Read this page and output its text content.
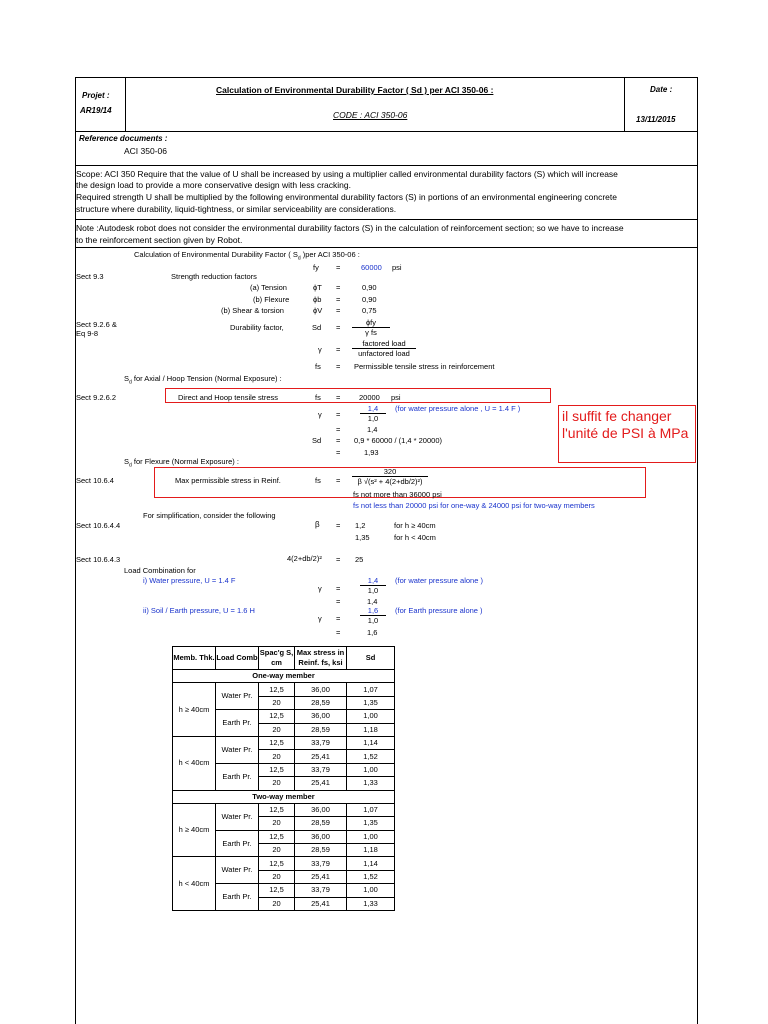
Projet :
AR19/14
Calculation of Environmental Durability Factor ( Sd ) per ACI 350-06 :
CODE : ACI 350-06
Date :
13/11/2015
Reference documents :
ACI 350-06
Scope: ACI 350 Require that the value of U shall be increased by using a multiplier called environmental durability factors (S) which will increase
the design load to provide a more conservative design with less cracking.
Required strength U shall be multiplied by the following environmental durability factors (S) in portions of an environmental engineering concrete
structure where durability, liquid-tightness, or similar serviceability are considerations.
Note :Autodesk robot does not consider the environmental durability factors (S) in the calculation of reinforcement section; so we have to increase
to the reinforcement section given by Robot.
Calculation of Environmental Durability Factor ( $S_d$ )per ACI 350-06 :
fy =	60000 psi
Sect 9.3	Strength reduction factors
(a) Tension	ϕT =	0,90
(b) Flexure	ϕb =	0,90
(b) Shear & torsion	ϕV =	0,75
Sect 9.2.6 &
Eq 9-8
Durability factor,	Sd =
ϕfy
γ fs
γ =
factored load
unfactored load
fs = Permissible tensile stress in reinforcement
$S_d$ for Axial / Hoop Tension (Normal Exposure) :
Sect 9.2.6.2	Direct and Hoop tensile stress	fs = 20000 psi
γ =	$\frac{1,4}{1,0} (for$ water pressure alone , U = 1.4 F )
=	1,4
Sd = 0,9 * 60000 / (1,4 * 20000)
=	1,93
$S_d$ for Flexure (Normal Exposure) :
Sect 10.6.4	Max permissible stress in Reinf.	fs = $\frac{320}{\text{β √(s² + 4(2+db/2)²)}}$
fs not more than 36000 psi
fs not less than 20000 psi for one-way & 24000 psi for two-way members
For simplification, consider the following
Sect 10.6.4.4	β = 1,2	for h ≥ 40cm
1,35	for h < 40cm
Sect 10.6.4.3	4(2+db/2)² = 25
Load Combination for
i) Water pressure, U = 1.4 F
γ =	$\frac{1,4}{1,0} (for$ water pressure alone )
=	1,4
ii) Soil / Earth pressure, U = 1.6 H
γ =	$\frac{1,6}{1,0} (for$ Earth pressure alone )
=	1,6
il suffit fe changer l'unité de PSI à MPa
Memb. Thk.	Load Comb	Spac'g S, cm	Max stress in Reinf. fs, ksi	Sd
One-way member				
h ≥ 40cm	Water Pr.	12,5	36,00	1,07
		20	28,59	1,35
	Earth Pr.	12,5	36,00	1,00
		20	28,59	1,18
h < 40cm	Water Pr.	12,5	33,79	1,14
		20	25,41	1,52
	Earth Pr.	12,5	33,79	1,00
		20	25,41	1,33
Two-way member				
h ≥ 40cm	Water Pr.	12,5	36,00	1,07
		20	28,59	1,35
	Earth Pr.	12,5	36,00	1,00
		20	28,59	1,18
h < 40cm	Water Pr.	12,5	33,79	1,14
		20	25,41	1,52
	Earth Pr.	12,5	33,79	1,00
		20	25,41	1,33
